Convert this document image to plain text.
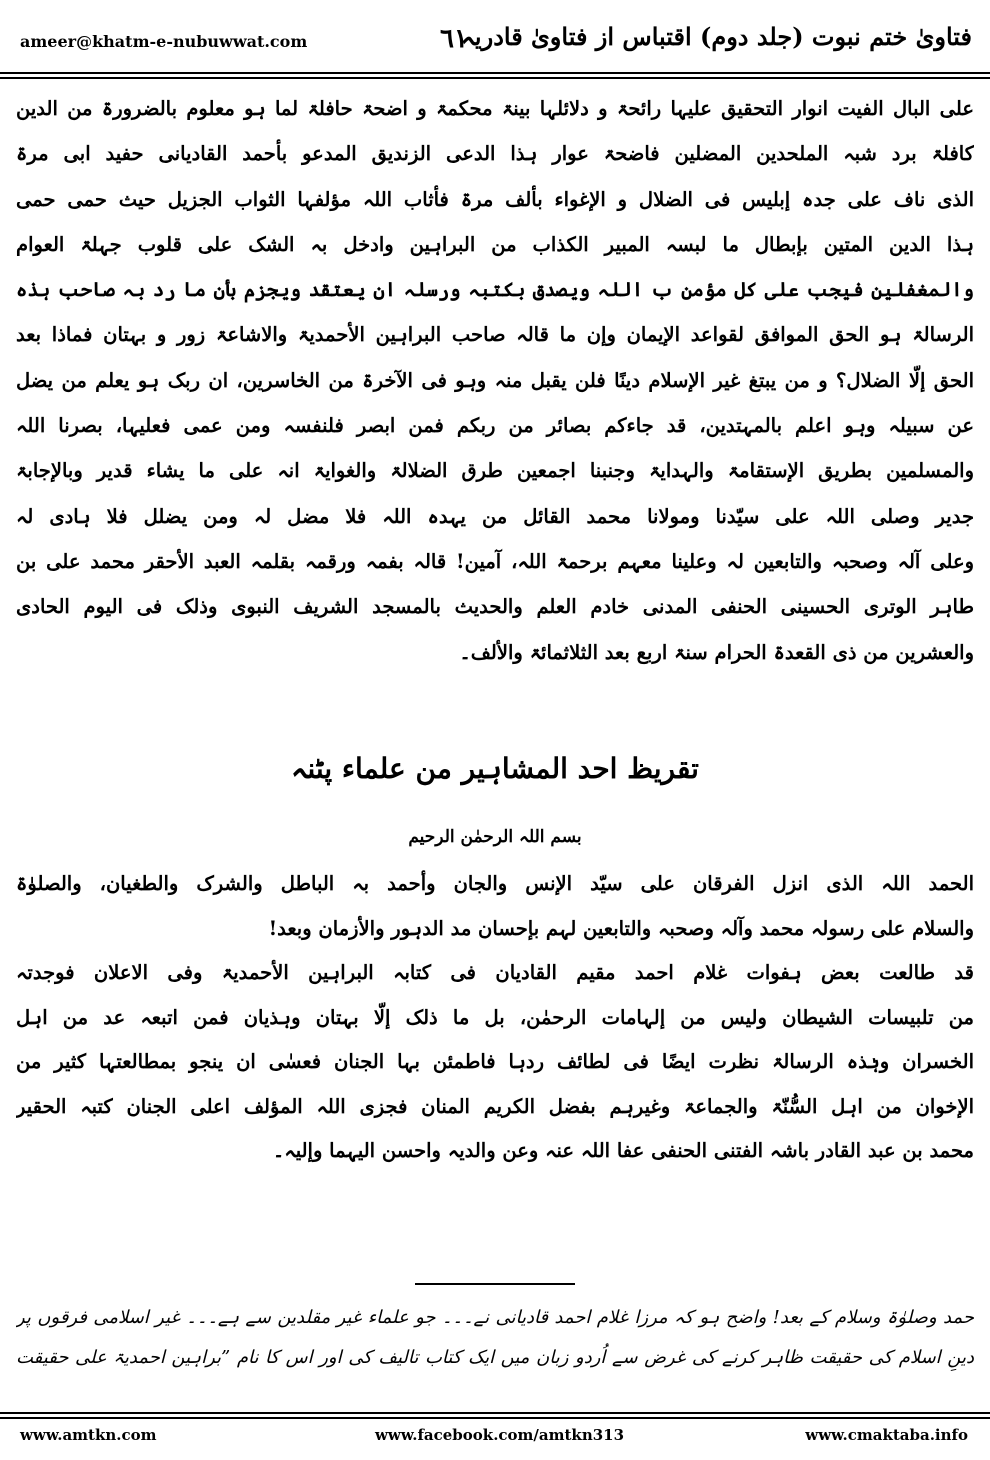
ameer@khatm-e-nubuwwat.com	٦١
فتاویٰ ختم نبوت (جلد دوم) اقتباس از فتاویٰ قادریہ
علی البال الفیت انوار التحقیق علیہا رائحۃ و دلائلہا بینۃ محکمۃ و اضحۃ حافلۃ لما ہو معلوم بالضرورۃ من الدین
کافلۃ برد شبہ الملحدین المضلین فاضحۃ عوار ہذا الدعی الزندیق المدعو بأحمد القادیانی حفید ابی مرۃ
الذی ناف علی جدہ إبلیس فی الضلال و الإغواء بألف مرۃ فأثاب اللہ مؤلفہا الثواب الجزیل حیث حمی حمی
ہذا الدین المتین بإبطال ما لبسہ المبیر الکذاب من البراہین وادخل بہ الشک علی قلوب جہلۃ العوام
والمغفلین فیجب علی کل مؤمن ب اللہ ویصدق بکتبہ ورسلہ ان یعتقد ویجزم بأن ما رد بہ صاحب ہذہ
الرسالۃ ہو الحق الموافق لقواعد الإیمان وإن ما قالہ صاحب البراہین الأحمدیۃ والاشاعۃ زور و بہتان فماذا بعد
الحق إلّا الضلال؟ و من یبتغ غیر الإسلام دینًا فلن یقبل منہ وہو فی الآخرۃ من الخاسرین، ان ربک ہو یعلم من یضل
عن سبیلہ وہو اعلم بالمہتدین، قد جاءکم بصائر من ربکم فمن ابصر فلنفسہ ومن عمی فعلیہا، بصرنا اللہ
والمسلمین بطریق الإستقامۃ والہدایۃ وجنبنا اجمعین طرق الضلالۃ والغوایۃ انہ علی ما یشاء قدیر وبالإجابۃ
جدیر وصلی اللہ علی سیّدنا ومولانا محمد القائل من یہدہ اللہ فلا مضل لہ ومن یضلل فلا ہادی لہ
وعلی آلہ وصحبہ والتابعین لہ وعلینا معہم برحمۃ اللہ، آمین! قالہ بفمہ ورقمہ بقلمہ العبد الأحقر محمد علی بن
طاہر الوتری الحسینی الحنفی المدنی خادم العلم والحدیث بالمسجد الشریف النبوی وذلک فی الیوم الحادی
والعشرین من ذی القعدۃ الحرام سنۃ اربع بعد الثلاثمائۃ والألف۔
تقریظ احد المشاہیر من علماء پٹنہ
بسم اللہ الرحمٰن الرحیم
الحمد اللہ الذی انزل الفرقان علی سیّد الإنس والجان وأحمد بہ الباطل والشرک والطغیان، والصلوٰۃ
والسلام علی رسولہ محمد وآلہ وصحبہ والتابعین لہم بإحسان مد الدہور والأزمان وبعد!
قد طالعت بعض ہفوات غلام احمد مقیم القادیان فی کتابہ البراہین الأحمدیۃ وفی الاعلان فوجدتہ
من تلبیسات الشیطان ولیس من إلہامات الرحمٰن، بل ما ذلک إلّا بہتان وہذیان فمن اتبعہ عد من اہل
الخسران وہٰذہ الرسالۃ نظرت ایضًا فی لطائف ردہا فاطمئن بہا الجنان فعسٰی ان ینجو بمطالعتہا کثیر من
الإخوان من اہل السُّنّۃ والجماعۃ وغیرہم بفضل الکریم المنان فجزی اللہ المؤلف اعلی الجنان کتبہ الحقیر
محمد بن عبد القادر باشہ الفتنی الحنفی عفا اللہ عنہ وعن والدیہ واحسن الیہما وإلیہ۔
حمد وصلوٰۃ وسلام کے بعد! واضح ہو کہ مرزا غلام احمد قادیانی نے۔۔۔ جو علماء غیر مقلدین سے ہے۔۔۔ غیر اسلامی فرقوں پر
دینِ اسلام کی حقیقت ظاہر کرنے کی غرض سے اُردو زبان میں ایک کتاب تالیف کی اور اس کا نام ”براہین احمدیۃ علی حقیقت
www.amtkn.com	www.facebook.com/amtkn313	www.cmaktaba.info
